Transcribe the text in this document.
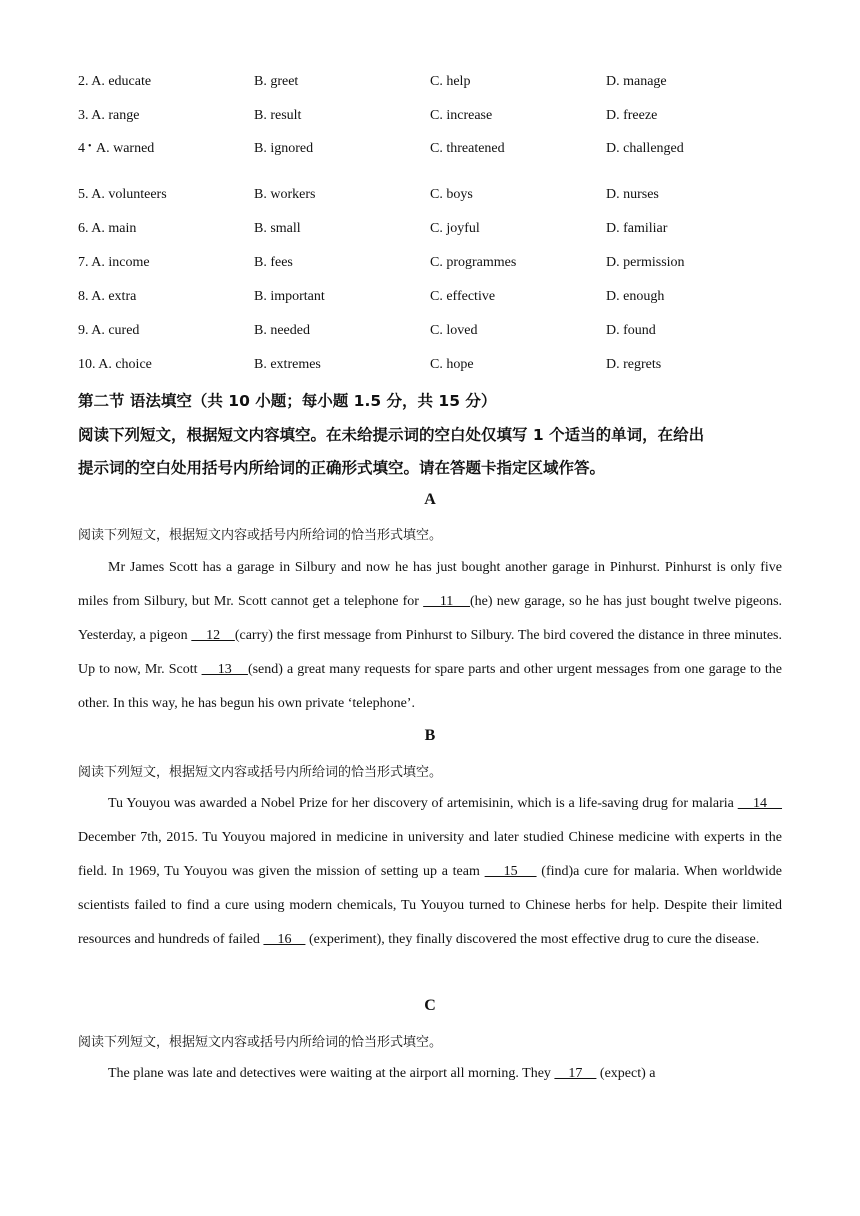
2. A. educate	B. greet	C. help	D. manage
3. A. range	B. result	C. increase	D. freeze
4 • A. warned	B. ignored	C. threatened	D. challenged
5. A. volunteers	B. workers	C. boys	D. nurses
6. A. main	B. small	C. joyful	D. familiar
7. A. income	B. fees	C. programmes	D. permission
8. A. extra	B. important	C. effective	D. enough
9. A. cured	B. needed	C. loved	D. found
10. A. choice	B. extremes	C. hope	D. regrets
第二节 语法填空（共 10 小题；每小题 1.5 分，共 15 分）
阅读下列短文，根据短文内容填空。在未给提示词的空白处仅填写 1 个适当的单词，在给出
提示词的空白处用括号内所给词的正确形式填空。请在答题卡指定区域作答。
A
阅读下列短文，根据短文内容或括号内所给词的恰当形式填空。
Mr James Scott has a garage in Silbury and now he has just bought another garage in Pinhurst. Pinhurst is only five miles from Silbury, but Mr. Scott cannot get a telephone for     11    (he) new garage, so he has just bought twelve pigeons. Yesterday, a pigeon     12    (carry) the first message from Pinhurst to Silbury. The bird covered the distance in three minutes. Up to now, Mr. Scott     13    (send) a great many requests for spare parts and other urgent messages from one garage to the other. In this way, he has begun his own private ‘telephone’.
B
阅读下列短文，根据短文内容或括号内所给词的恰当形式填空。
Tu Youyou was awarded a Nobel Prize for her discovery of artemisinin, which is a life-saving drug for malaria     14     December 7th, 2015. Tu Youyou majored in medicine in university and later studied Chinese medicine with experts in the field. In 1969, Tu Youyou was given the mission of setting up a team     15     (find)a cure for malaria. When worldwide scientists failed to find a cure using modern chemicals, Tu Youyou turned to Chinese herbs for help. Despite their limited resources and hundreds of failed     16     (experiment), they finally discovered the most effective drug to cure the disease.
C
阅读下列短文，根据短文内容或括号内所给词的恰当形式填空。
The plane was late and detectives were waiting at the airport all morning. They     17     (expect) a
